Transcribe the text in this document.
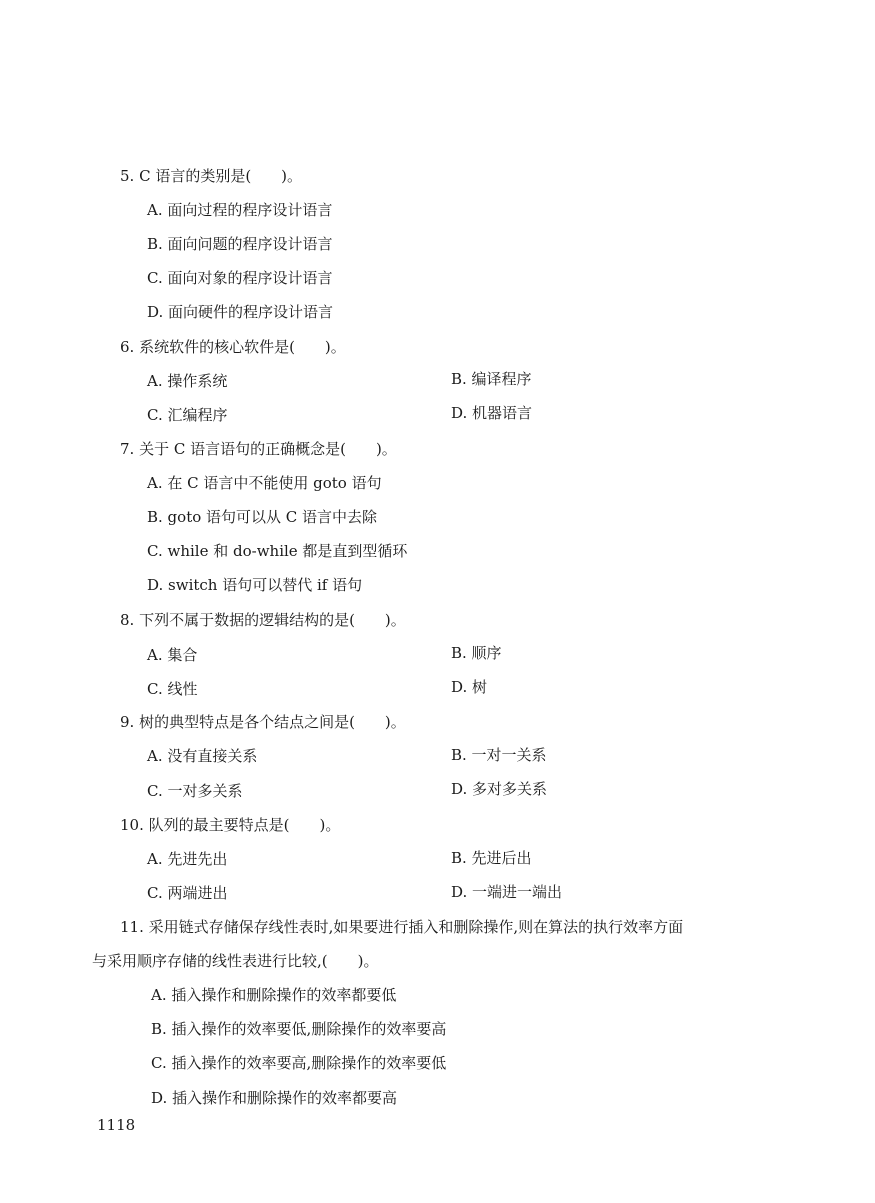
5. C 语言的类别是(　　)。
A. 面向过程的程序设计语言
B. 面向问题的程序设计语言
C. 面向对象的程序设计语言
D. 面向硬件的程序设计语言
6. 系统软件的核心软件是(　　)。
A. 操作系统	B. 编译程序
C. 汇编程序	D. 机器语言
7. 关于 C 语言语句的正确概念是(　　)。
A. 在 C 语言中不能使用 goto 语句
B. goto 语句可以从 C 语言中去除
C. while 和 do-while 都是直到型循环
D. switch 语句可以替代 if 语句
8. 下列不属于数据的逻辑结构的是(　　)。
A. 集合	B. 顺序
C. 线性	D. 树
9. 树的典型特点是各个结点之间是(　　)。
A. 没有直接关系	B. 一对一关系
C. 一对多关系	D. 多对多关系
10. 队列的最主要特点是(　　)。
A. 先进先出	B. 先进后出
C. 两端进出	D. 一端进一端出
11. 采用链式存储保存线性表时,如果要进行插入和删除操作,则在算法的执行效率方面
与采用顺序存储的线性表进行比较,(　　)。
A. 插入操作和删除操作的效率都要低
B. 插入操作的效率要低,删除操作的效率要高
C. 插入操作的效率要高,删除操作的效率要低
D. 插入操作和删除操作的效率都要高
1118
